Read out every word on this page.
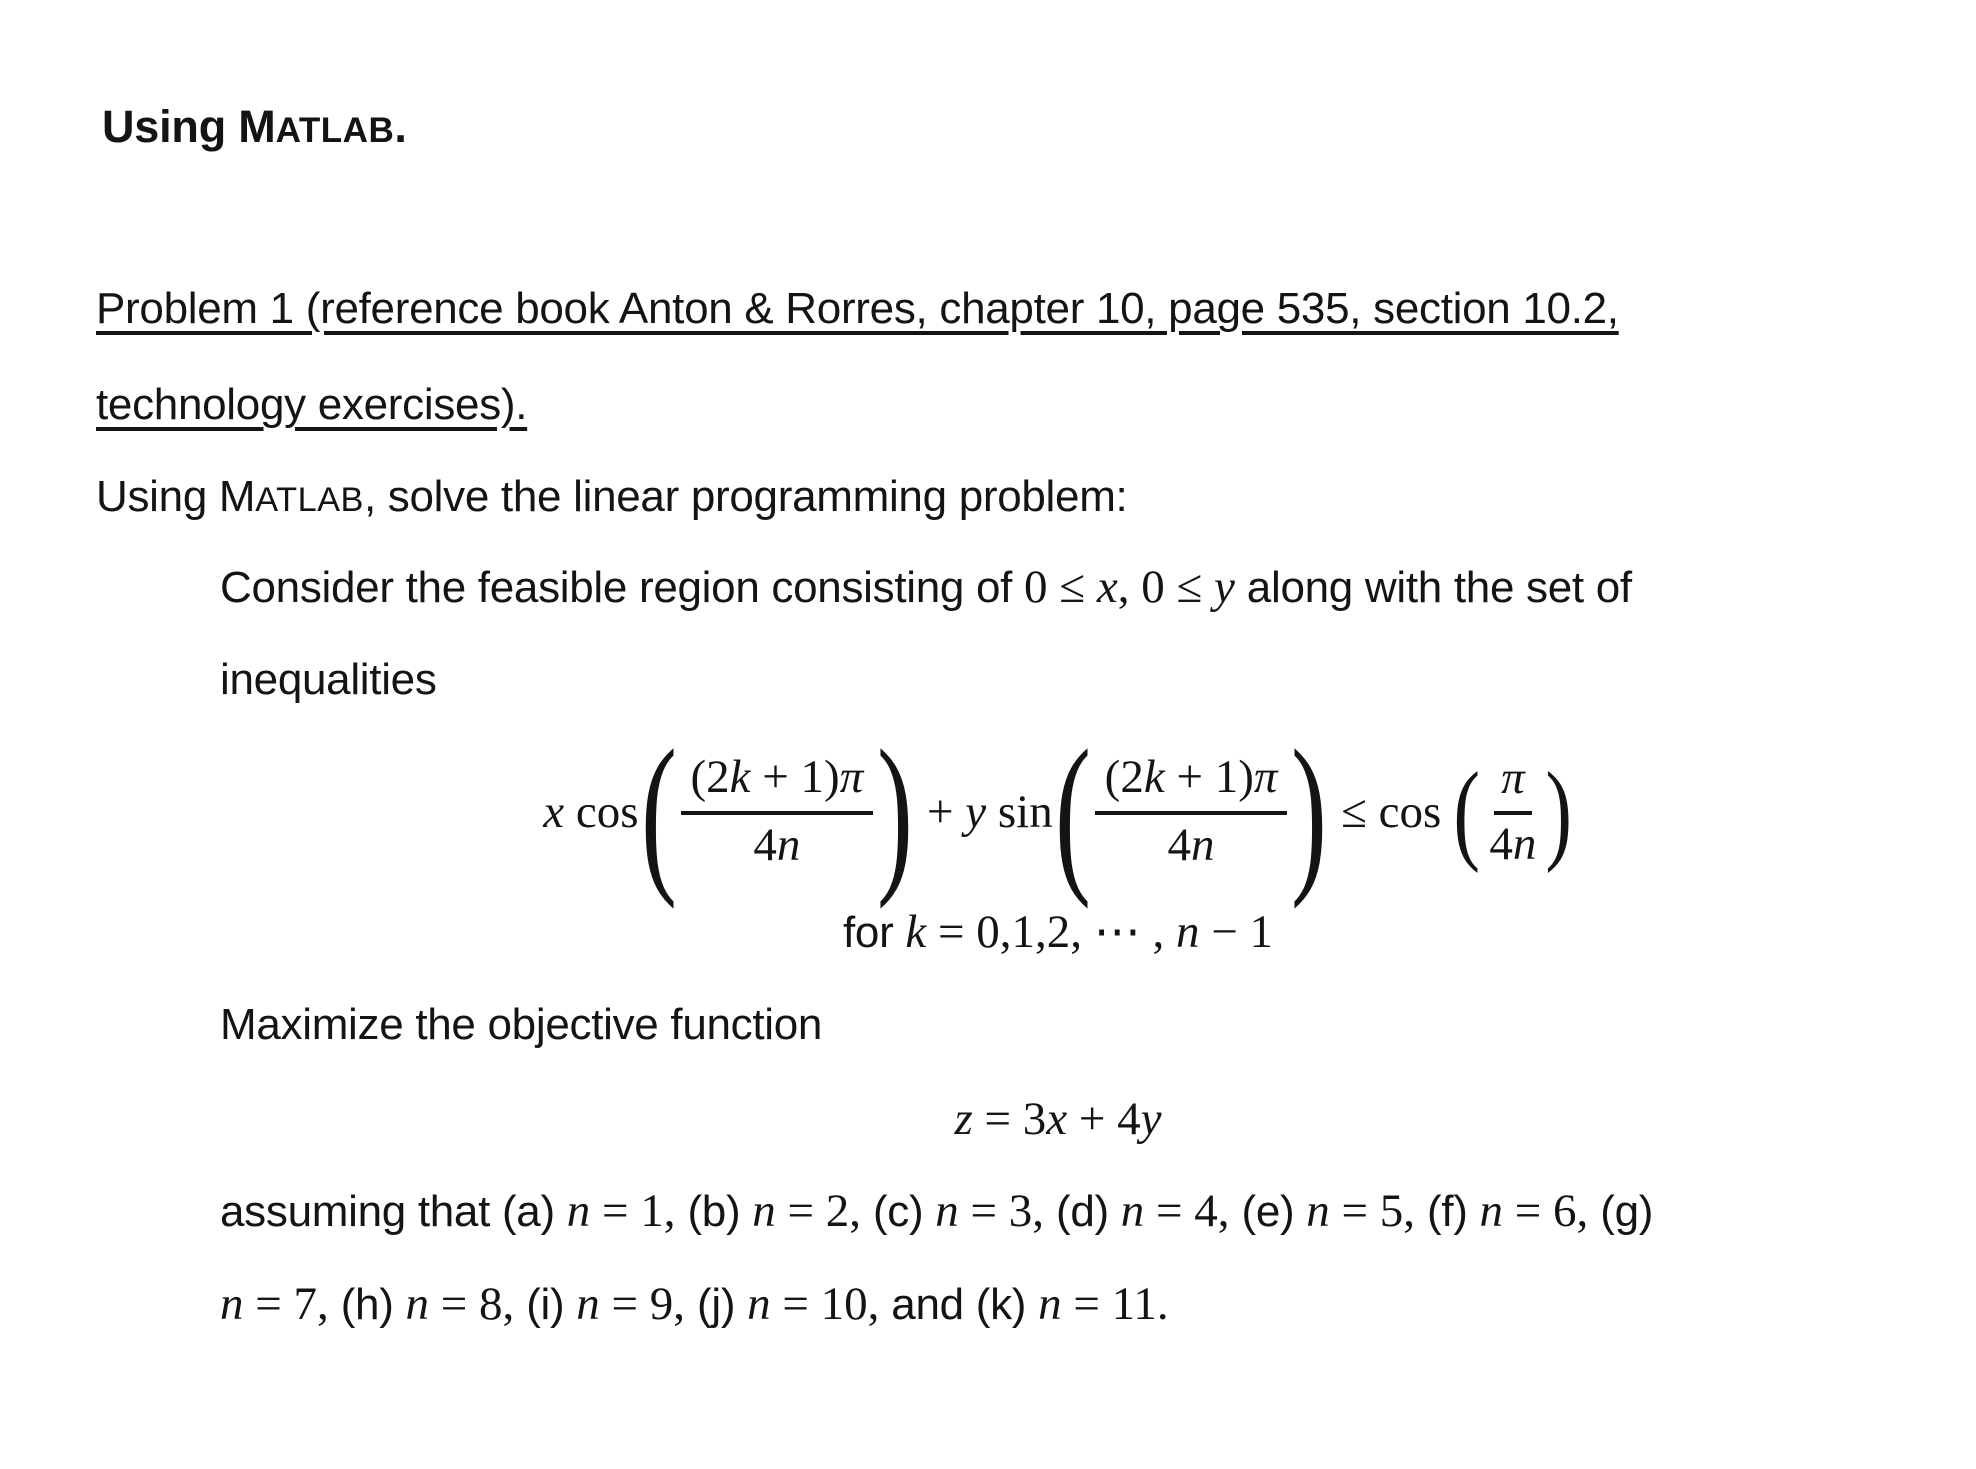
Using MATLAB.
Problem 1 (reference book Anton & Rorres, chapter 10, page 535, section 10.2,
technology exercises).
Using MATLAB, solve the linear programming problem:
Consider the feasible region consisting of 0 ≤ x, 0 ≤ y along with the set of
inequalities
x cos ( $\frac{(2k + 1)\pi}{4n}$ ) + y sin ( $\frac{(2k + 1)\pi}{4n}$ ) ≤ cos ( $\frac{\pi}{4n}$ )
for k = 0,1,2, ⋯ , n − 1
Maximize the objective function
z = 3x + 4y
assuming that (a) n = 1, (b) n = 2, (c) n = 3, (d) n = 4, (e) n = 5, (f) n = 6, (g)
n = 7, (h) n = 8, (i) n = 9, (j) n = 10, and (k) n = 11.
